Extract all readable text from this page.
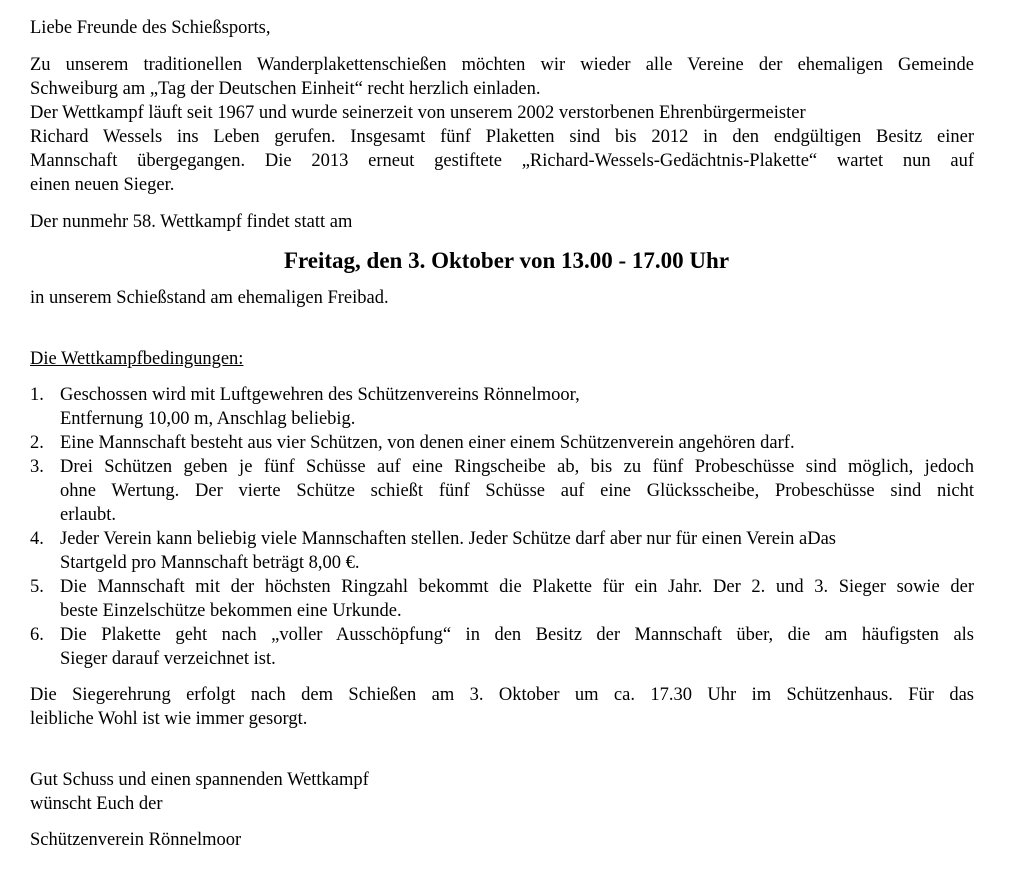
Liebe Freunde des Schießsports,

Zu unserem traditionellen Wanderplakettenschießen möchten wir wieder alle Vereine der ehemaligen Gemeinde

Schweiburg am „Tag der Deutschen Einheit“ recht herzlich einladen.

Der Wettkampf läuft seit 1967 und wurde seinerzeit von unserem 2002 verstorbenen Ehrenbürgermeister

Richard Wessels ins Leben gerufen. Insgesamt fünf Plaketten sind bis 2012 in den endgültigen Besitz einer

Mannschaft übergegangen. Die 2013 erneut gestiftete „Richard-Wessels-Gedächtnis-Plakette“ wartet nun auf

einen neuen Sieger.

Der nunmehr 58. Wettkampf findet statt am

Freitag, den 3. Oktober von 13.00 - 17.00 Uhr

in unserem Schießstand am ehemaligen Freibad.

Die Wettkampfbedingungen:

1. Geschossen wird mit Luftgewehren des Schützenvereins Rönnelmoor,

Entfernung 10,00 m, Anschlag beliebig.

2. Eine Mannschaft besteht aus vier Schützen, von denen einer einem Schützenverein angehören darf.

3. Drei Schützen geben je fünf Schüsse auf eine Ringscheibe ab, bis zu fünf Probeschüsse sind möglich, jedoch

ohne Wertung. Der vierte Schütze schießt fünf Schüsse auf eine Glücksscheibe, Probeschüsse sind nicht

erlaubt.

4. Jeder Verein kann beliebig viele Mannschaften stellen. Jeder Schütze darf aber nur für einen Verein aDas

Startgeld pro Mannschaft beträgt 8,00 €.

5. Die Mannschaft mit der höchsten Ringzahl bekommt die Plakette für ein Jahr. Der 2. und 3. Sieger sowie der

beste Einzelschütze bekommen eine Urkunde.

6. Die Plakette geht nach „voller Ausschöpfung“ in den Besitz der Mannschaft über, die am häufigsten als

Sieger darauf verzeichnet ist.

Die Siegerehrung erfolgt nach dem Schießen am 3. Oktober um ca. 17.30 Uhr im Schützenhaus. Für das

leibliche Wohl ist wie immer gesorgt.

Gut Schuss und einen spannenden Wettkampf

wünscht Euch der

Schützenverein Rönnelmoor
